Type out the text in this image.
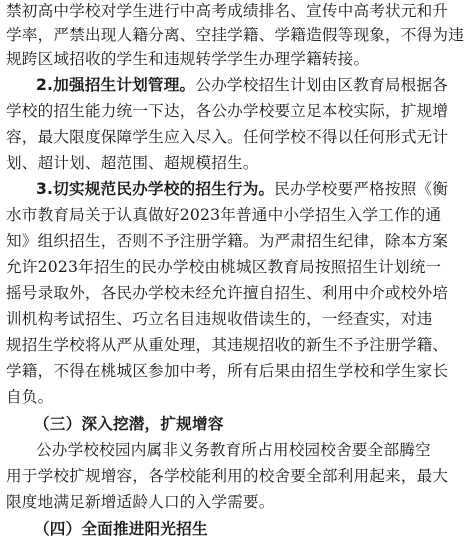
禁初高中学校对学生进行中高考成绩排名、宣传中高考状元和升
学率，严禁出现人籍分离、空挂学籍、学籍造假等现象，不得为违
规跨区域招收的学生和违规转学学生办理学籍转接。
2.加强招生计划管理。公办学校招生计划由区教育局根据各
学校的招生能力统一下达，各公办学校要立足本校实际，扩规增
容，最大限度保障学生应入尽入。任何学校不得以任何形式无计
划、超计划、超范围、超规模招生。
3.切实规范民办学校的招生行为。民办学校要严格按照《衡
水市教育局关于认真做好2023年普通中小学招生入学工作的通
知》组织招生，否则不予注册学籍。为严肃招生纪律，除本方案
允许2023年招生的民办学校由桃城区教育局按照招生计划统一
摇号录取外，各民办学校未经允许擅自招生、利用中介或校外培
训机构考试招生、巧立名目违规收借读生的，一经查实，对违
规招生学校将从严从重处理，其违规招收的新生不予注册学籍、
学籍，不得在桃城区参加中考，所有后果由招生学校和学生家长
自负。
（三）深入挖潜，扩规增容
公办学校校园内属非义务教育所占用校园校舍要全部腾空
用于学校扩规增容，各学校能利用的校舍要全部利用起来，最大
限度地满足新增适龄人口的入学需要。
（四）全面推进阳光招生
